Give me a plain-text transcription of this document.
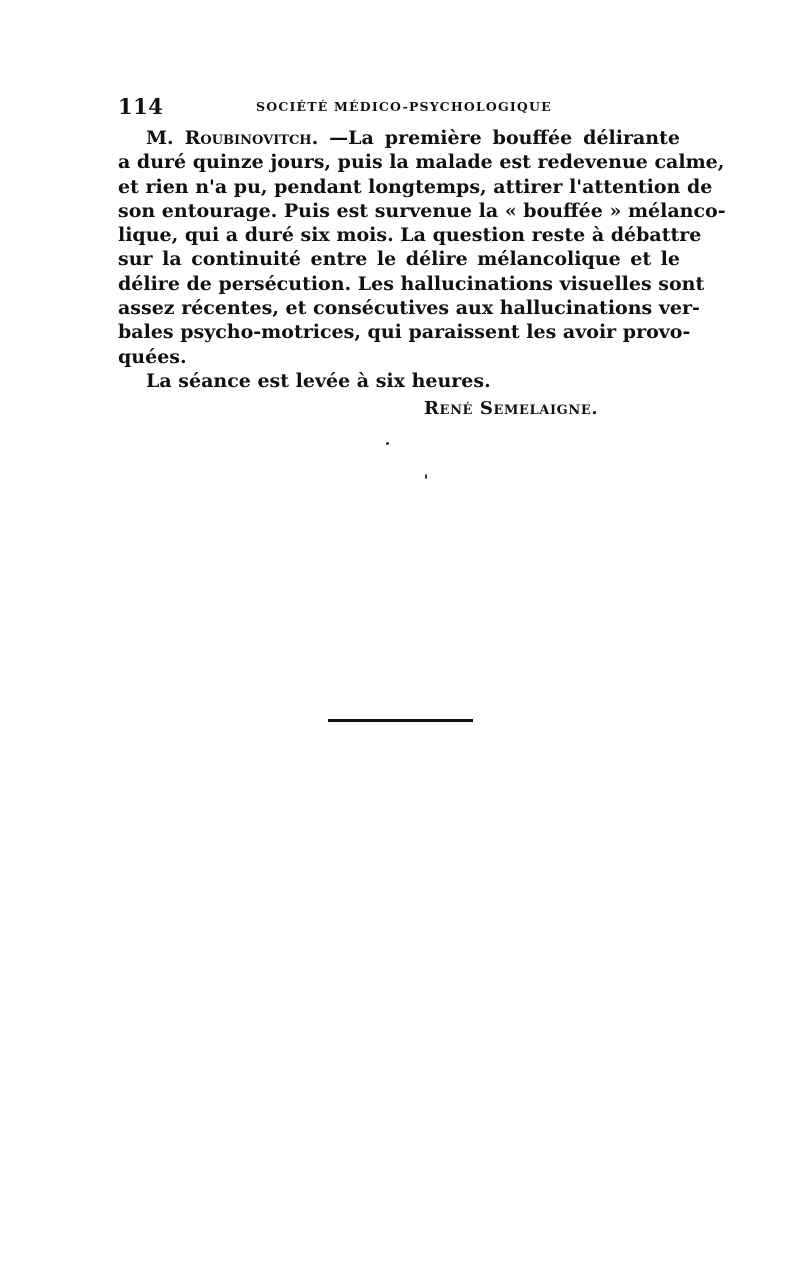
114	SOCIÉTÉ MÉDICO-PSYCHOLOGIQUE
M. Roubinovitch. —La première bouffée délirante
a duré quinze jours, puis la malade est redevenue calme,
et rien n'a pu, pendant longtemps, attirer l'attention de
son entourage. Puis est survenue la « bouffée » mélanco-
lique, qui a duré six mois. La question reste à débattre
sur la continuité entre le délire mélancolique et le
délire de persécution. Les hallucinations visuelles sont
assez récentes, et consécutives aux hallucinations ver-
bales psycho-motrices, qui paraissent les avoir provo-
quées.
La séance est levée à six heures.
René Semelaigne.
